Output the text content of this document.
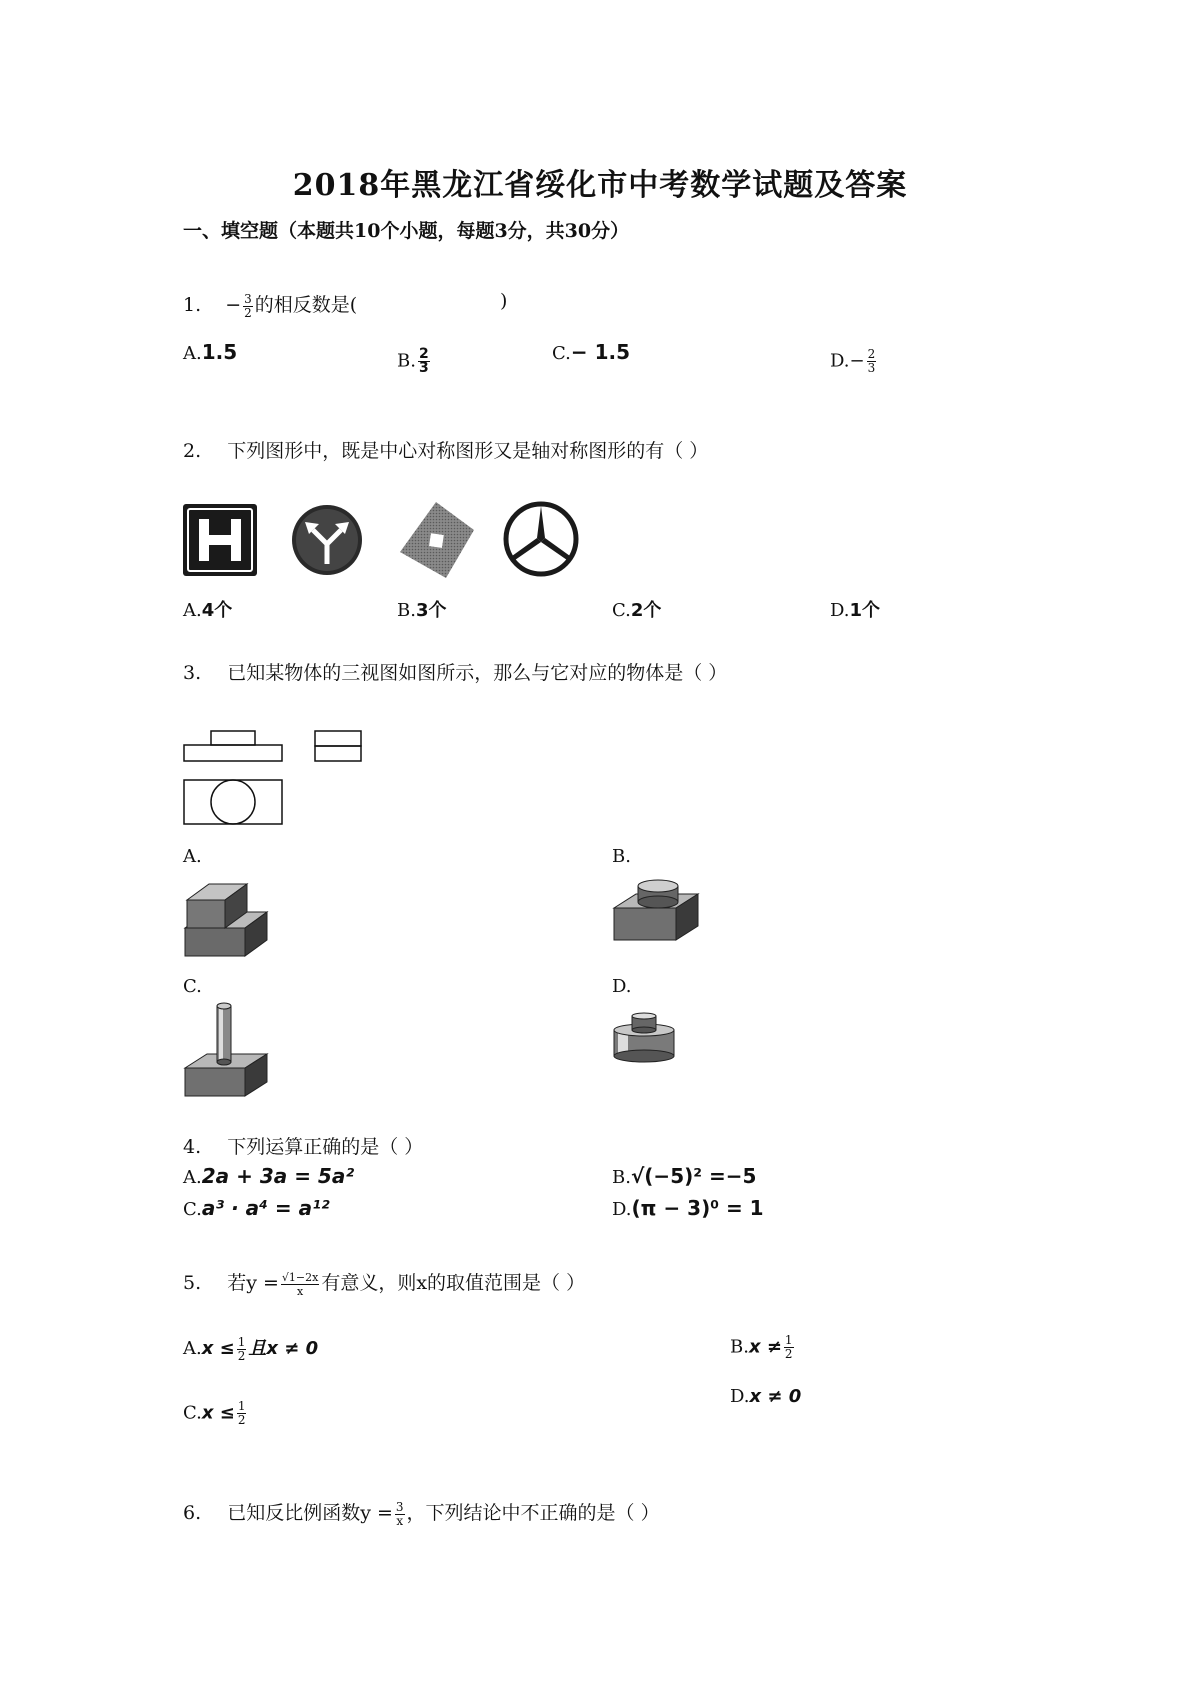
2018年黑龙江省绥化市中考数学试题及答案
一、填空题（本题共10个小题，每题3分，共30分）
1. − $\frac{3}{2}$ 的相反数是(	)
A.1.5	B. $\frac{2}{3}$	C.− 1.5	$D.- \frac{2}{3}$
2. 下列图形中，既是中心对称图形又是轴对称图形的有（ ）
A.4个	B.3个	C.2个	D.1个
3. 已知某物体的三视图如图所示，那么与它对应的物体是（ ）
A.	B.
C.	D.
4. 下列运算正确的是（ ）
A.2a + 3a = 5a²	B.√(−5)² =−5
C.a³ · a⁴ = a¹²	D.(π − 3)⁰ = 1
5. 若$y = \frac{√1-2x}{x}$ 有意义，则x的取值范围是（ ）
$A.x \le \frac{1}{2}$ 且x ≠ 0	$B.x \ne \frac{1}{2}$
D.x ≠ 0
$C.x \le \frac{1}{2}$
6. 已知反比例函数$y = \frac{3}{x}$ ，下列结论中不正确的是（ ）
